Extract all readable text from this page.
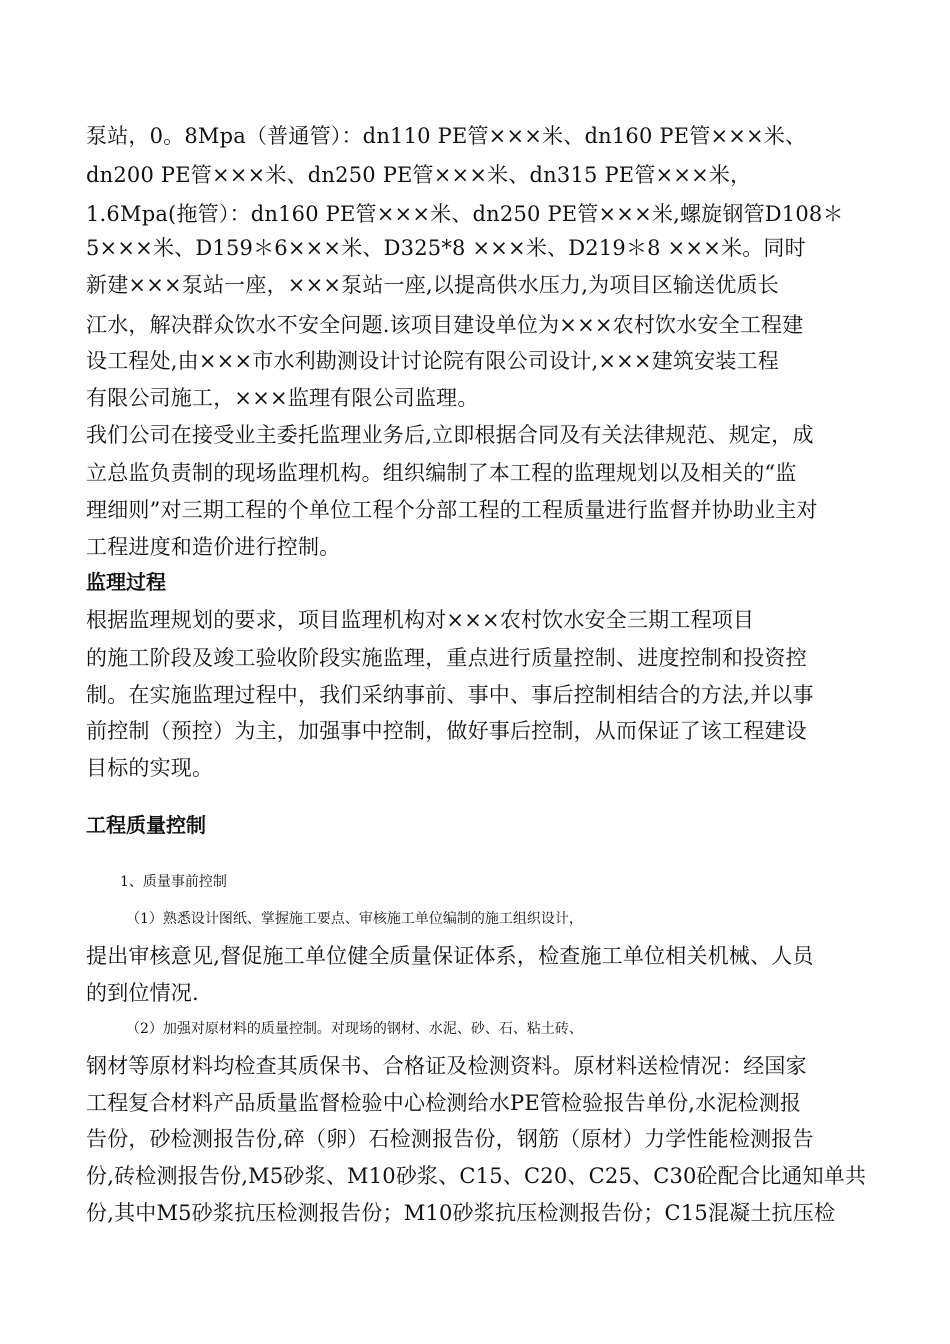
泵站，0。8Mpa（普通管）：dn110 PE管×××米、dn160 PE管×××米、
dn200 PE管×××米、dn250 PE管×××米、dn315 PE管×××米，
1.6Mpa(拖管）：dn160 PE管×××米、dn250 PE管×××米,螺旋钢管D108＊
5×××米、D159＊6×××米、D325*8 ×××米、D219＊8 ×××米。同时
新建×××泵站一座，×××泵站一座,以提高供水压力,为项目区输送优质长
江水，解决群众饮水不安全问题.该项目建设单位为×××农村饮水安全工程建
设工程处,由×××市水利勘测设计讨论院有限公司设计,×××建筑安装工程
有限公司施工，×××监理有限公司监理。
我们公司在接受业主委托监理业务后,立即根据合同及有关法律规范、规定，成
立总监负责制的现场监理机构。组织编制了本工程的监理规划以及相关的“监
理细则”对三期工程的个单位工程个分部工程的工程质量进行监督并协助业主对
工程进度和造价进行控制。
监理过程
根据监理规划的要求，项目监理机构对×××农村饮水安全三期工程项目
的施工阶段及竣工验收阶段实施监理，重点进行质量控制、进度控制和投资控
制。在实施监理过程中，我们采纳事前、事中、事后控制相结合的方法,并以事
前控制（预控）为主，加强事中控制，做好事后控制，从而保证了该工程建设
目标的实现。
工程质量控制
1、质量事前控制
（1）熟悉设计图纸、掌握施工要点、审核施工单位编制的施工组织设计，
提出审核意见,督促施工单位健全质量保证体系，检查施工单位相关机械、人员
的到位情况.
（2）加强对原材料的质量控制。对现场的钢材、水泥、砂、石、粘土砖、
钢材等原材料均检查其质保书、合格证及检测资料。原材料送检情况：经国家
工程复合材料产品质量监督检验中心检测给水PE管检验报告单份,水泥检测报
告份，砂检测报告份,碎（卵）石检测报告份，钢筋（原材）力学性能检测报告
份,砖检测报告份,M5砂浆、M10砂浆、C15、C20、C25、C30砼配合比通知单共
份,其中M5砂浆抗压检测报告份；M10砂浆抗压检测报告份；C15混凝土抗压检
